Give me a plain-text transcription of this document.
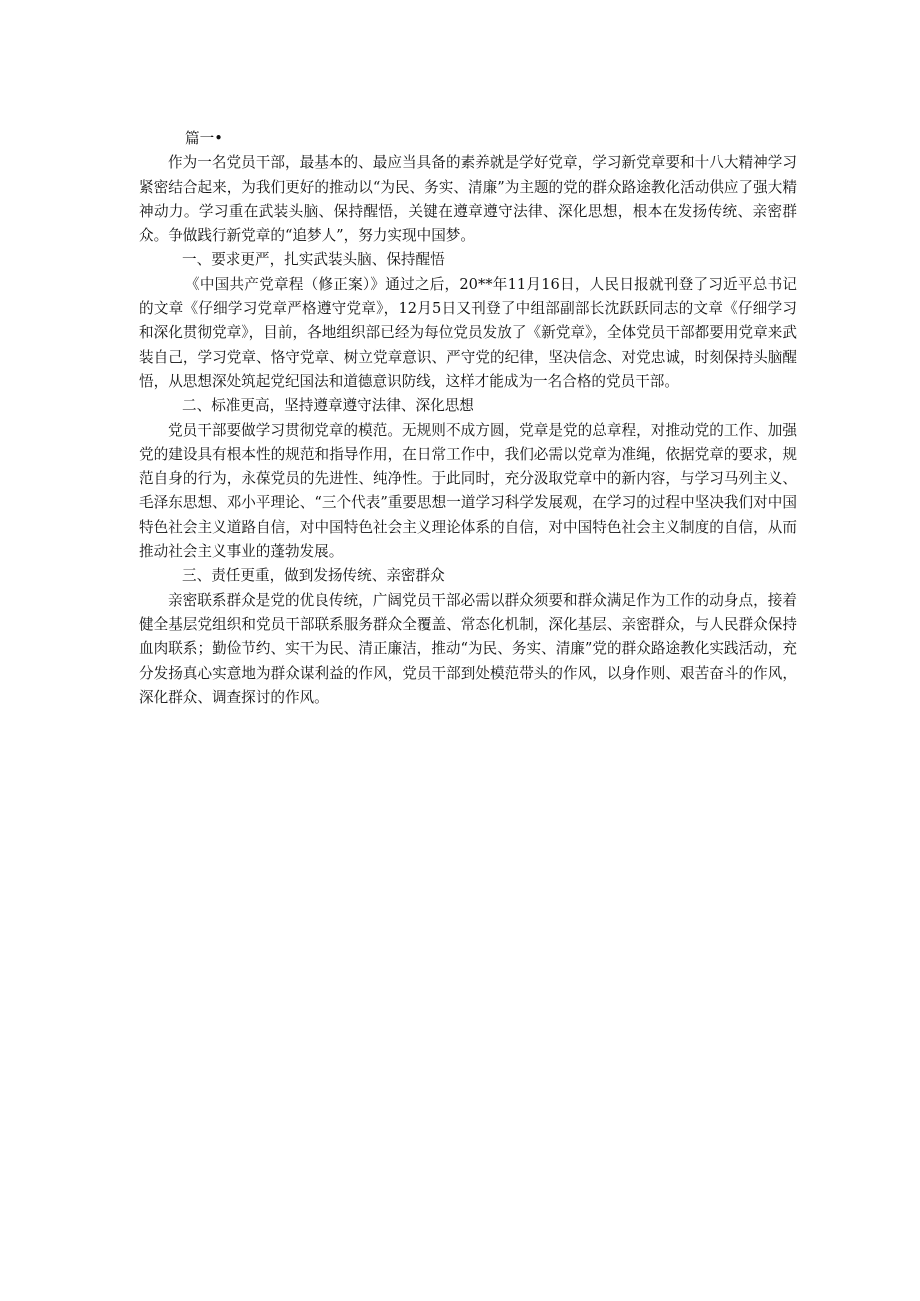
篇一•

作为一名党员干部，最基本的、最应当具备的素养就是学好党章，学习新党章要和十八大精神学习紧密结合起来，为我们更好的推动以“为民、务实、清廉”为主题的党的群众路途教化活动供应了强大精神动力。学习重在武装头脑、保持醒悟，关键在遵章遵守法律、深化思想，根本在发扬传统、亲密群众。争做践行新党章的“追梦人”，努力实现中国梦。

一、要求更严，扎实武装头脑、保持醒悟

《中国共产党章程（修正案）》通过之后，20**年11月16日，人民日报就刊登了习近平总书记的文章《仔细学习党章严格遵守党章》，12月5日又刊登了中组部副部长沈跃跃同志的文章《仔细学习和深化贯彻党章》，目前，各地组织部已经为每位党员发放了《新党章》，全体党员干部都要用党章来武装自己，学习党章、恪守党章、树立党章意识、严守党的纪律，坚决信念、对党忠诚，时刻保持头脑醒悟，从思想深处筑起党纪国法和道德意识防线，这样才能成为一名合格的党员干部。

二、标准更高，坚持遵章遵守法律、深化思想

党员干部要做学习贯彻党章的模范。无规则不成方圆，党章是党的总章程，对推动党的工作、加强党的建设具有根本性的规范和指导作用，在日常工作中，我们必需以党章为准绳，依据党章的要求，规范自身的行为，永葆党员的先进性、纯净性。于此同时，充分汲取党章中的新内容，与学习马列主义、毛泽东思想、邓小平理论、“三个代表”重要思想一道学习科学发展观，在学习的过程中坚决我们对中国特色社会主义道路自信，对中国特色社会主义理论体系的自信，对中国特色社会主义制度的自信，从而推动社会主义事业的蓬勃发展。

三、责任更重，做到发扬传统、亲密群众

亲密联系群众是党的优良传统，广阔党员干部必需以群众须要和群众满足作为工作的动身点，接着健全基层党组织和党员干部联系服务群众全覆盖、常态化机制，深化基层、亲密群众，与人民群众保持血肉联系；勤俭节约、实干为民、清正廉洁，推动“为民、务实、清廉”党的群众路途教化实践活动，充分发扬真心实意地为群众谋利益的作风，党员干部到处模范带头的作风，以身作则、艰苦奋斗的作风，深化群众、调查探讨的作风。
